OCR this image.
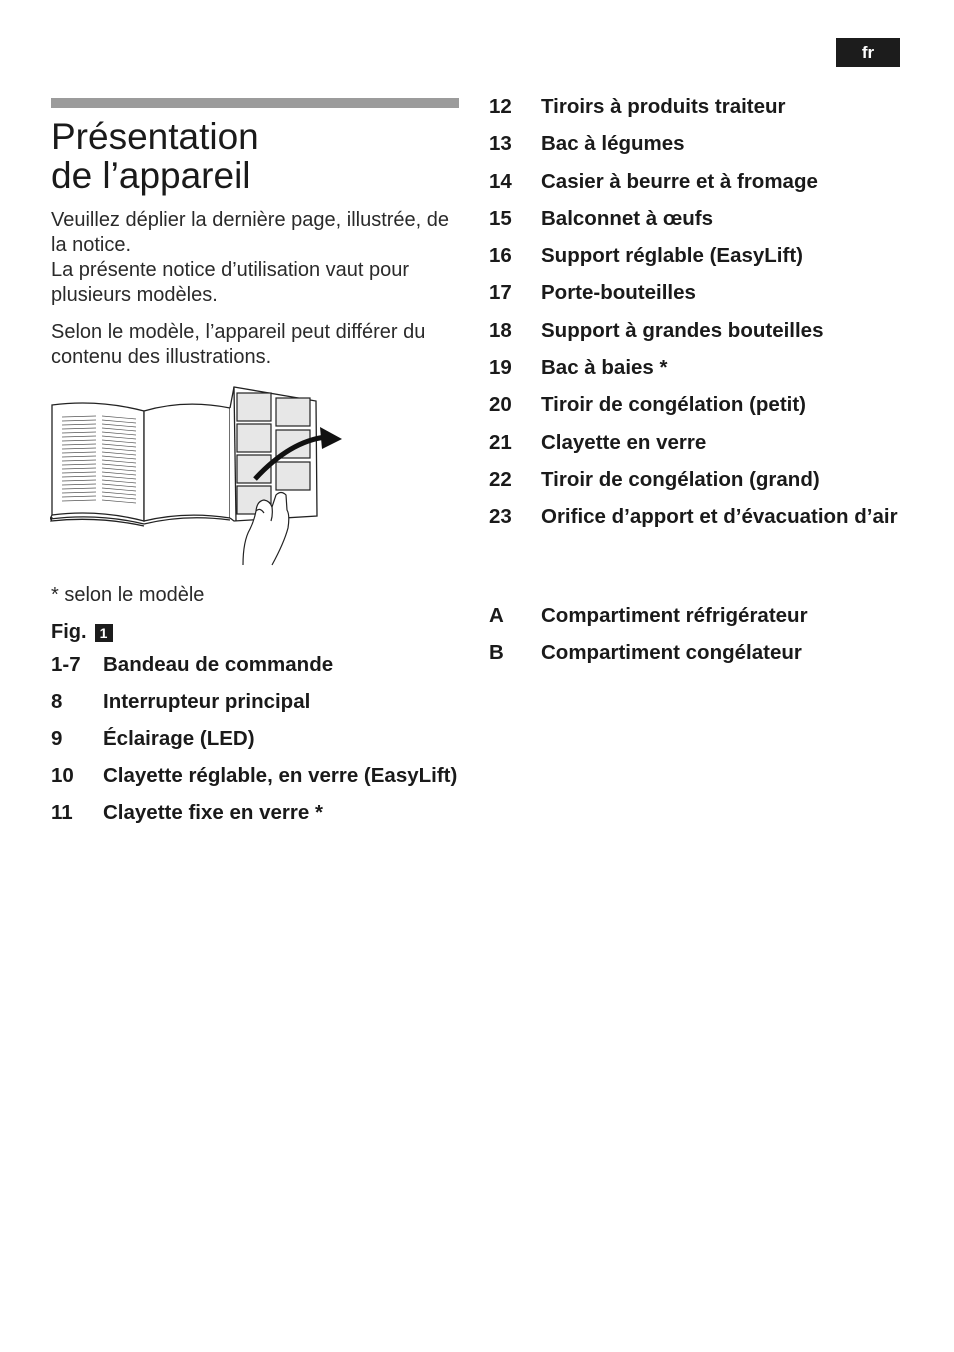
fr
Présentation
de l’appareil

Veuillez déplier la dernière page, illustrée, de la notice.

La présente notice d’utilisation vaut pour plusieurs modèles.

Selon le modèle, l’appareil peut différer du contenu des illustrations.

* selon le modèle
Fig. 1
1-7	Bandeau de commande
8	Interrupteur principal
9	Éclairage (LED)
10	Clayette réglable, en verre (EasyLift)
11	Clayette fixe en verre *
12	Tiroirs à produits traiteur
13	Bac à légumes
14	Casier à beurre et à fromage
15	Balconnet à œufs
16	Support réglable (EasyLift)
17	Porte-bouteilles
18	Support à grandes bouteilles
19	Bac à baies *
20	Tiroir de congélation (petit)
21	Clayette en verre
22	Tiroir de congélation (grand)
23	Orifice d’apport et d’évacuation d’air
A	Compartiment réfrigérateur
B	Compartiment congélateur
